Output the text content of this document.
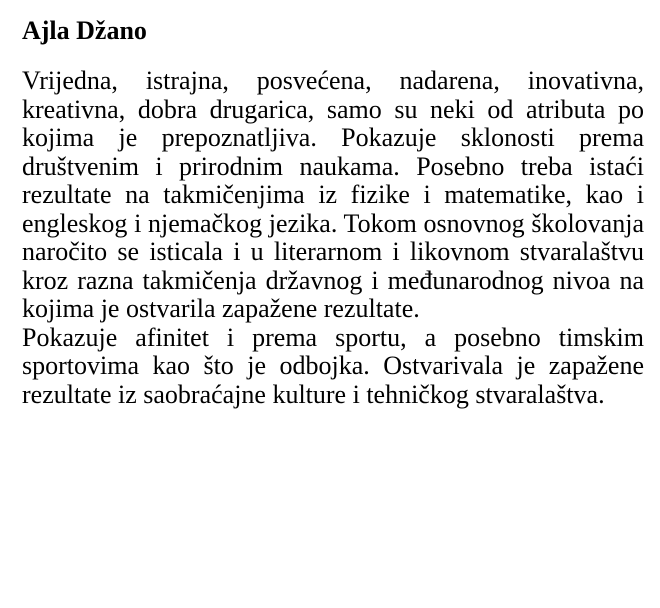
Ajla Džano

Vrijedna, istrajna, posvećena, nadarena, inovativna, kreativna, dobra drugarica, samo su neki od atributa po kojima je prepoznatljiva. Pokazuje sklonosti prema društvenim i prirodnim naukama. Posebno treba istaći rezultate na takmičenjima iz fizike i matematike, kao i engleskog i njemačkog jezika. Tokom osnovnog školovanja naročito se isticala i u literarnom i likovnom stvaralaštvu kroz razna takmičenja državnog i međunarodnog nivoa na kojima je ostvarila zapažene rezultate.

Pokazuje afinitet i prema sportu, a posebno timskim sportovima kao što je odbojka. Ostvarivala je zapažene rezultate iz saobraćajne kulture i tehničkog stvaralaštva.
